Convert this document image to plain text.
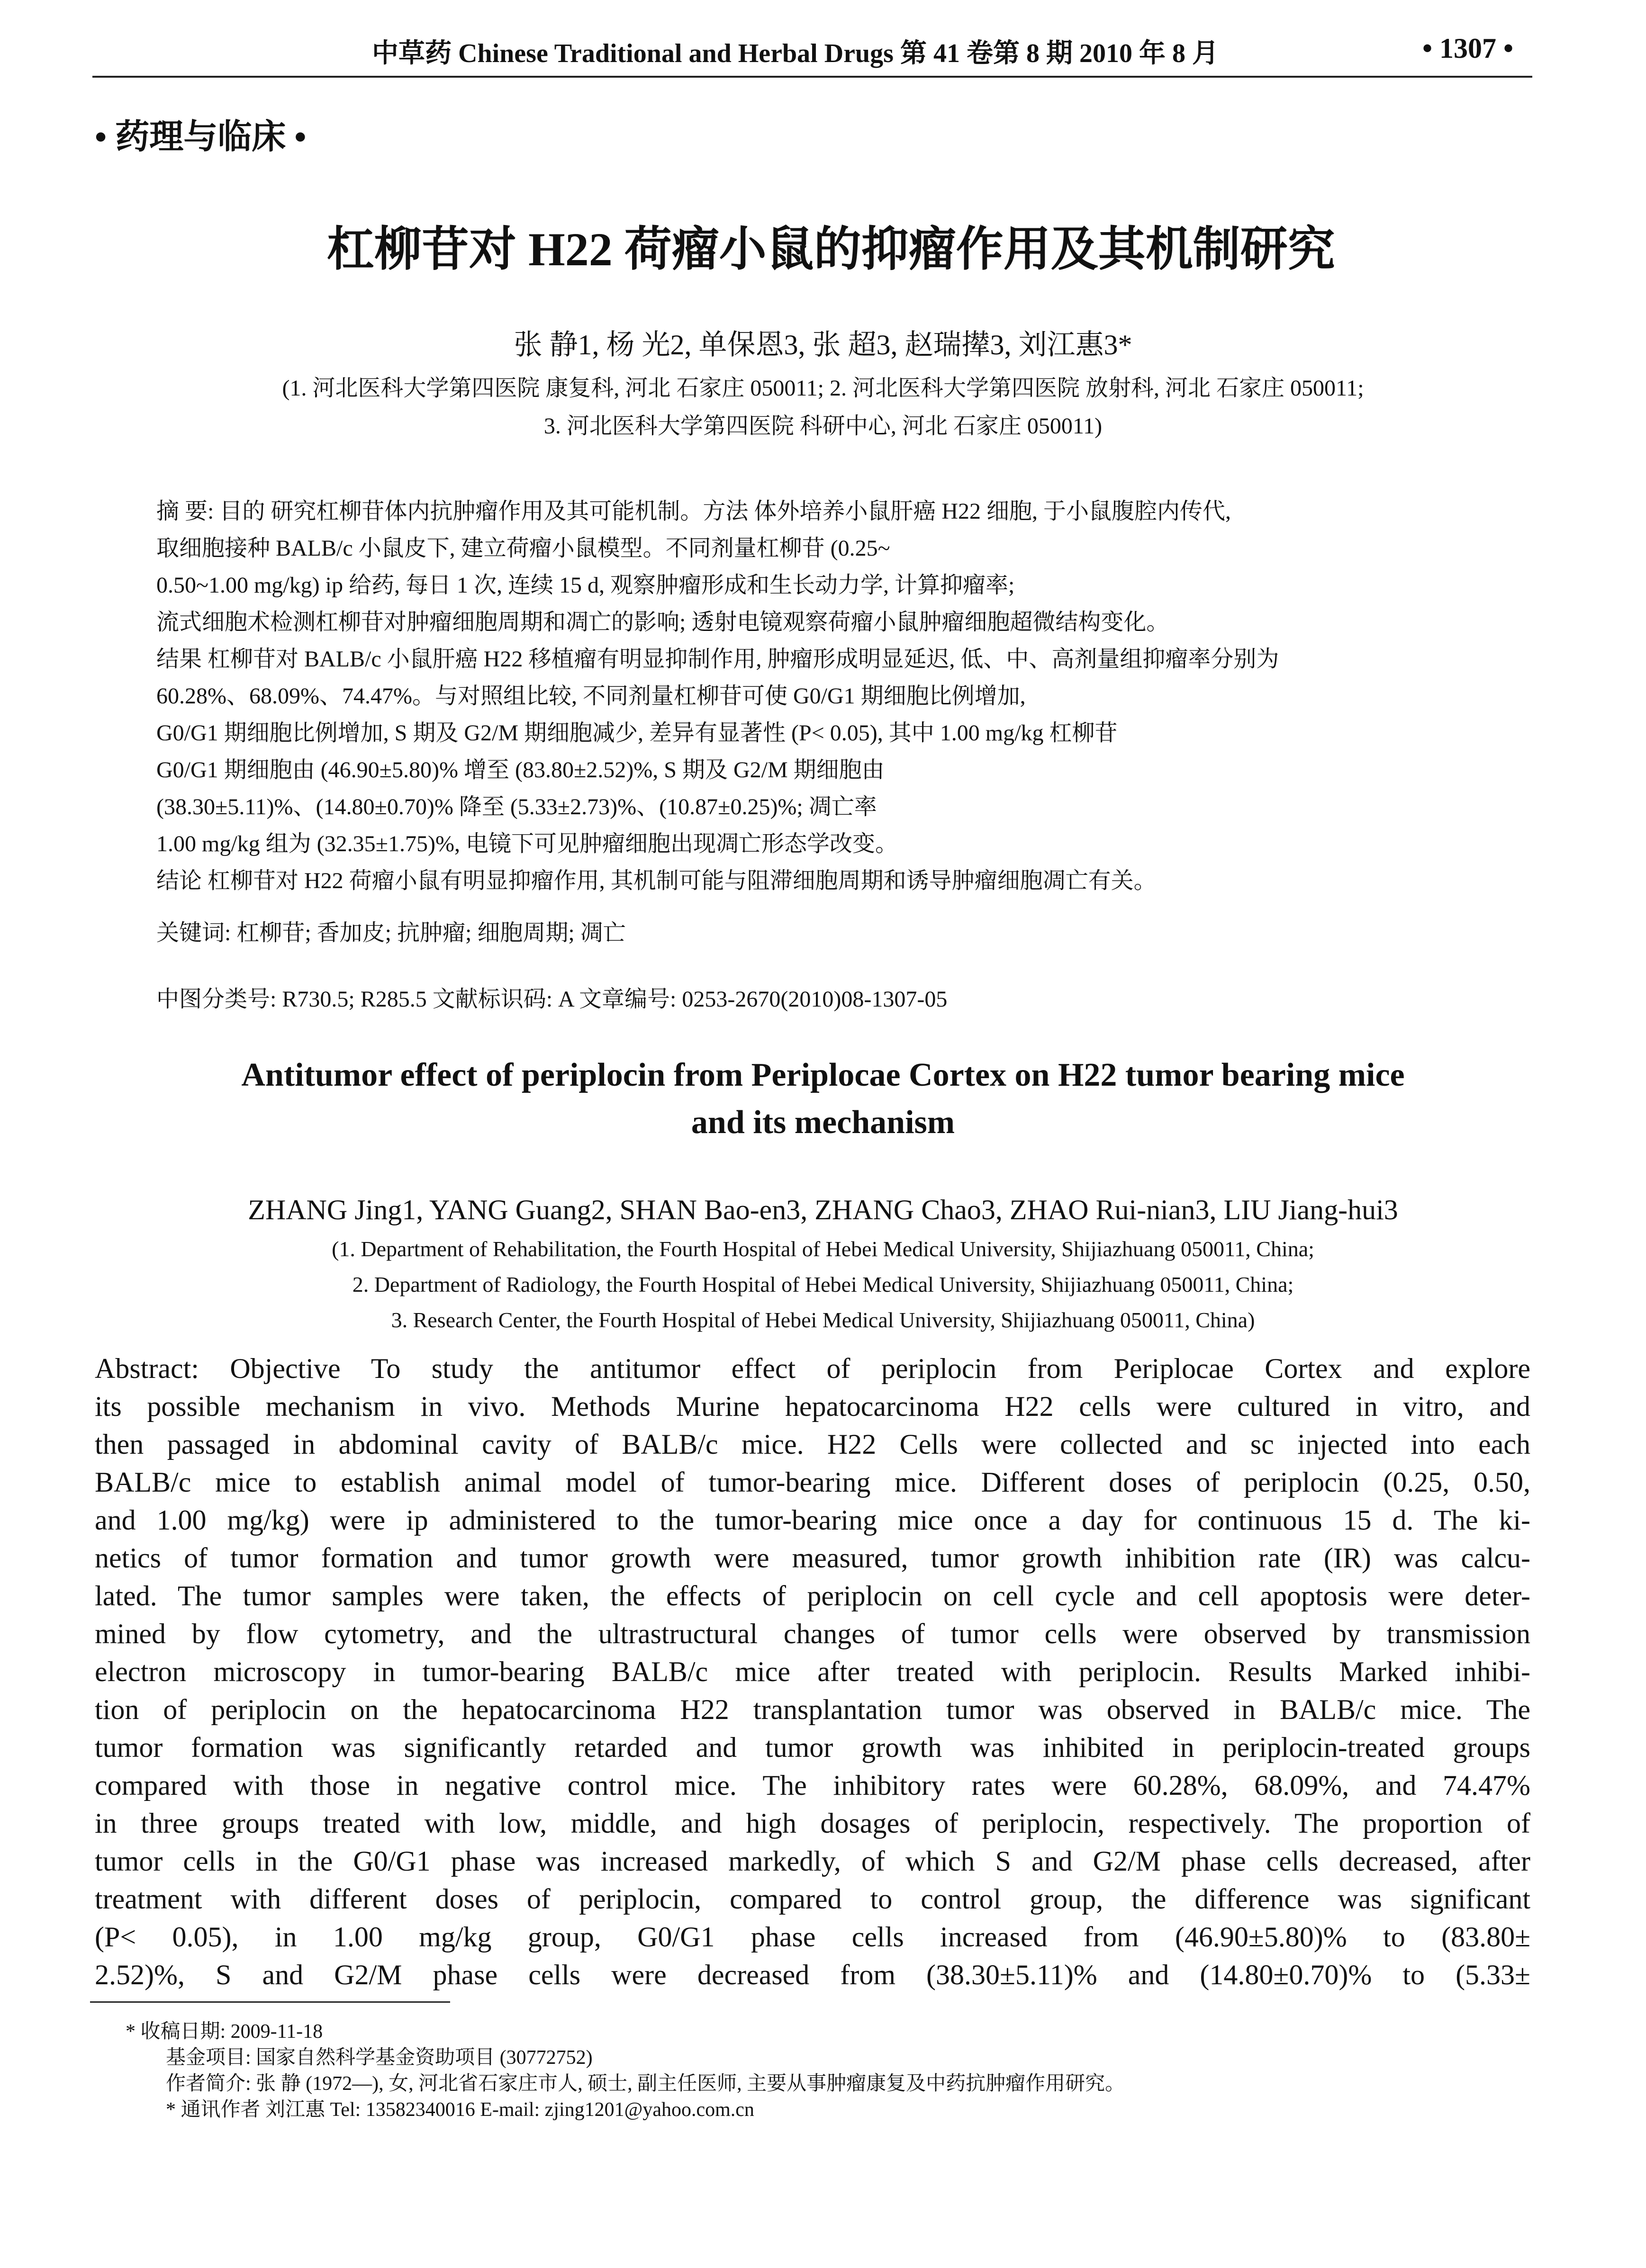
中草药 Chinese Traditional and Herbal Drugs 第 41 卷第 8 期 2010 年 8 月	• 1307 •
• 药理与临床 •
杠柳苷对 H22 荷瘤小鼠的抑瘤作用及其机制研究
张 静1, 杨 光2, 单保恩3, 张 超3, 赵瑞撵3, 刘江惠3*
(1. 河北医科大学第四医院 康复科, 河北 石家庄 050011; 2. 河北医科大学第四医院 放射科, 河北 石家庄 050011;
3. 河北医科大学第四医院 科研中心, 河北 石家庄 050011)
摘 要: 目的 研究杠柳苷体内抗肿瘤作用及其可能机制。方法 体外培养小鼠肝癌 H22 细胞, 于小鼠腹腔内传代,
取细胞接种 BALB/c 小鼠皮下, 建立荷瘤小鼠模型。不同剂量杠柳苷 (0.25~
0.50~1.00 mg/kg) ip 给药, 每日 1 次, 连续 15 d, 观察肿瘤形成和生长动力学, 计算抑瘤率;
流式细胞术检测杠柳苷对肿瘤细胞周期和凋亡的影响; 透射电镜观察荷瘤小鼠肿瘤细胞超微结构变化。
结果 杠柳苷对 BALB/c 小鼠肝癌 H22 移植瘤有明显抑制作用, 肿瘤形成明显延迟, 低、中、高剂量组抑瘤率分别为
60.28%、68.09%、74.47%。与对照组比较, 不同剂量杠柳苷可使 G0/G1 期细胞比例增加,
G0/G1 期细胞比例增加, S 期及 G2/M 期细胞减少, 差异有显著性 (P< 0.05), 其中 1.00 mg/kg 杠柳苷
G0/G1 期细胞由 (46.90±5.80)% 增至 (83.80±2.52)%, S 期及 G2/M 期细胞由
(38.30±5.11)%、(14.80±0.70)% 降至 (5.33±2.73)%、(10.87±0.25)%; 凋亡率
1.00 mg/kg 组为 (32.35±1.75)%, 电镜下可见肿瘤细胞出现凋亡形态学改变。
结论 杠柳苷对 H22 荷瘤小鼠有明显抑瘤作用, 其机制可能与阻滞细胞周期和诱导肿瘤细胞凋亡有关。
关键词: 杠柳苷; 香加皮; 抗肿瘤; 细胞周期; 凋亡
中图分类号: R730.5; R285.5 文献标识码: A 文章编号: 0253-2670(2010)08-1307-05
Antitumor effect of periplocin from Periplocae Cortex on H22 tumor bearing mice
and its mechanism
ZHANG Jing1, YANG Guang2, SHAN Bao-en3, ZHANG Chao3, ZHAO Rui-nian3, LIU Jiang-hui3
(1. Department of Rehabilitation, the Fourth Hospital of Hebei Medical University, Shijiazhuang 050011, China;
2. Department of Radiology, the Fourth Hospital of Hebei Medical University, Shijiazhuang 050011, China;
3. Research Center, the Fourth Hospital of Hebei Medical University, Shijiazhuang 050011, China)
Abstract: Objective To study the antitumor effect of periplocin from Periplocae Cortex and explore
its possible mechanism in vivo. Methods Murine hepatocarcinoma H22 cells were cultured in vitro, and
then passaged in abdominal cavity of BALB/c mice. H22 Cells were collected and sc injected into each
BALB/c mice to establish animal model of tumor-bearing mice. Different doses of periplocin (0.25, 0.50,
and 1.00 mg/kg) were ip administered to the tumor-bearing mice once a day for continuous 15 d. The ki-
netics of tumor formation and tumor growth were measured, tumor growth inhibition rate (IR) was calcu-
lated. The tumor samples were taken, the effects of periplocin on cell cycle and cell apoptosis were deter-
mined by flow cytometry, and the ultrastructural changes of tumor cells were observed by transmission
electron microscopy in tumor-bearing BALB/c mice after treated with periplocin. Results Marked inhibi-
tion of periplocin on the hepatocarcinoma H22 transplantation tumor was observed in BALB/c mice. The
tumor formation was significantly retarded and tumor growth was inhibited in periplocin-treated groups
compared with those in negative control mice. The inhibitory rates were 60.28%, 68.09%, and 74.47%
in three groups treated with low, middle, and high dosages of periplocin, respectively. The proportion of
tumor cells in the G0/G1 phase was increased markedly, of which S and G2/M phase cells decreased, after
treatment with different doses of periplocin, compared to control group, the difference was significant
(P< 0.05), in 1.00 mg/kg group, G0/G1 phase cells increased from (46.90±5.80)% to (83.80±
2.52)%, S and G2/M phase cells were decreased from (38.30±5.11)% and (14.80±0.70)% to (5.33±
* 收稿日期: 2009-11-18
基金项目: 国家自然科学基金资助项目 (30772752)
作者简介: 张 静 (1972—), 女, 河北省石家庄市人, 硕士, 副主任医师, 主要从事肿瘤康复及中药抗肿瘤作用研究。
* 通讯作者 刘江惠 Tel: 13582340016 E-mail: zjing1201@yahoo.com.cn
